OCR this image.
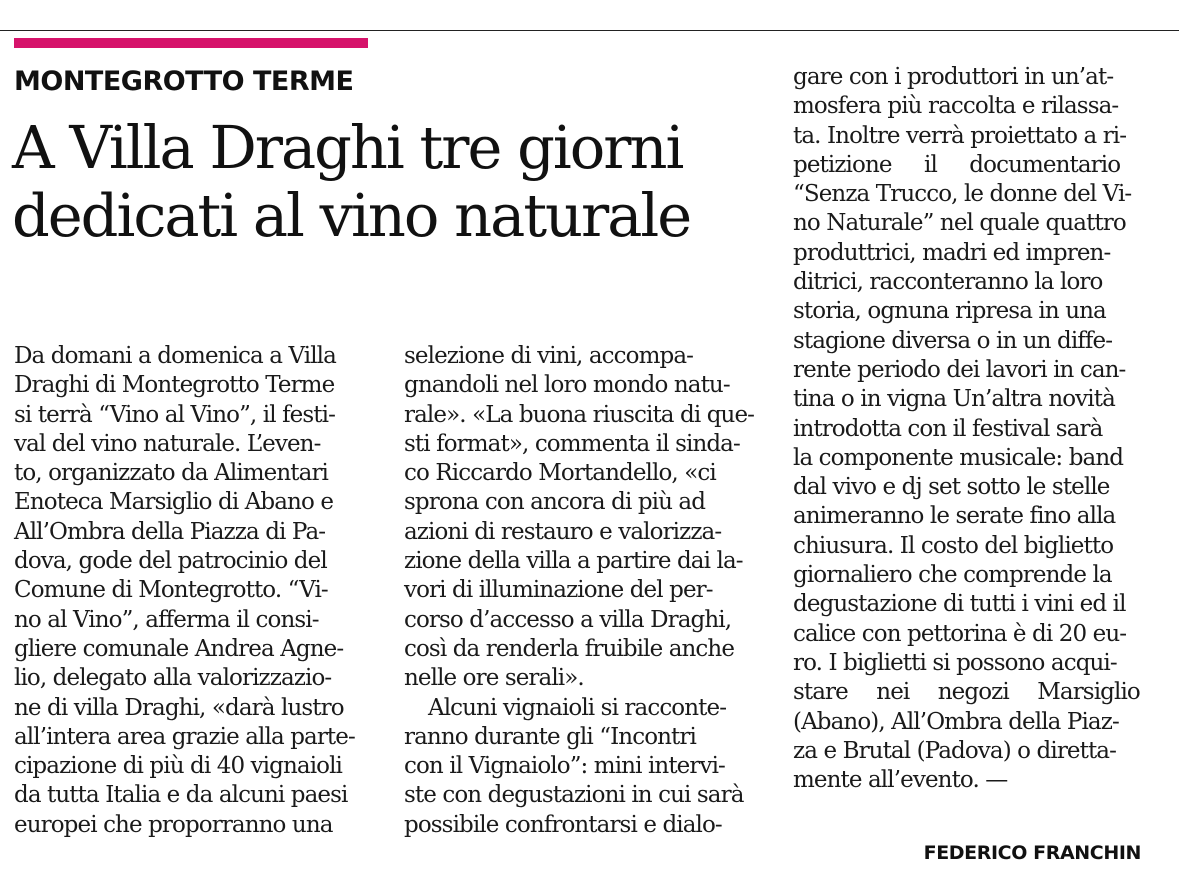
MONTEGROTTO TERME
A Villa Draghi tre giorni
dedicati al vino naturale
Da domani a domenica a Villa
Draghi di Montegrotto Terme
si terrà “Vino al Vino”, il festi-
val del vino naturale. L’even-
to, organizzato da Alimentari
Enoteca Marsiglio di Abano e
All’Ombra della Piazza di Pa-
dova, gode del patrocinio del
Comune di Montegrotto. “Vi-
no al Vino”, afferma il consi-
gliere comunale Andrea Agne-
lio, delegato alla valorizzazio-
ne di villa Draghi, «darà lustro
all’intera area grazie alla parte-
cipazione di più di 40 vignaioli
da tutta Italia e da alcuni paesi
europei che proporranno una
selezione di vini, accompa-
gnandoli nel loro mondo natu-
rale». «La buona riuscita di que-
sti format», commenta il sinda-
co Riccardo Mortandello, «ci
sprona con ancora di più ad
azioni di restauro e valorizza-
zione della villa a partire dai la-
vori di illuminazione del per-
corso d’accesso a villa Draghi,
così da renderla fruibile anche
nelle ore serali».
Alcuni vignaioli si raccontе-
ranno durante gli “Incontri
con il Vignaiolo”: mini intervi-
ste con degustazioni in cui sarà
possibile confrontarsi e dialo-
gare con i produttori in un’at-
mosfera più raccolta e rilassa-
ta. Inoltre verrà proiettato a ri-
petizione il documentario
“Senza Trucco, le donne del Vi-
no Naturale” nel quale quattro
produttrici, madri ed impren-
ditrici, racconteranno la loro
storia, ognuna ripresa in una
stagione diversa o in un diffe-
rente periodo dei lavori in can-
tina o in vigna Un’altra novità
introdotta con il festival sarà
la componente musicale: band
dal vivo e dj set sotto le stelle
animeranno le serate fino alla
chiusura. Il costo del biglietto
giornaliero che comprende la
degustazione di tutti i vini ed il
calice con pettorina è di 20 eu-
ro. I biglietti si possono acqui-
stare nei negozi Marsiglio
(Abano), All’Ombra della Piaz-
za e Brutal (Padova) o diretta-
mente all’evento. —
FEDERICO FRANCHIN
